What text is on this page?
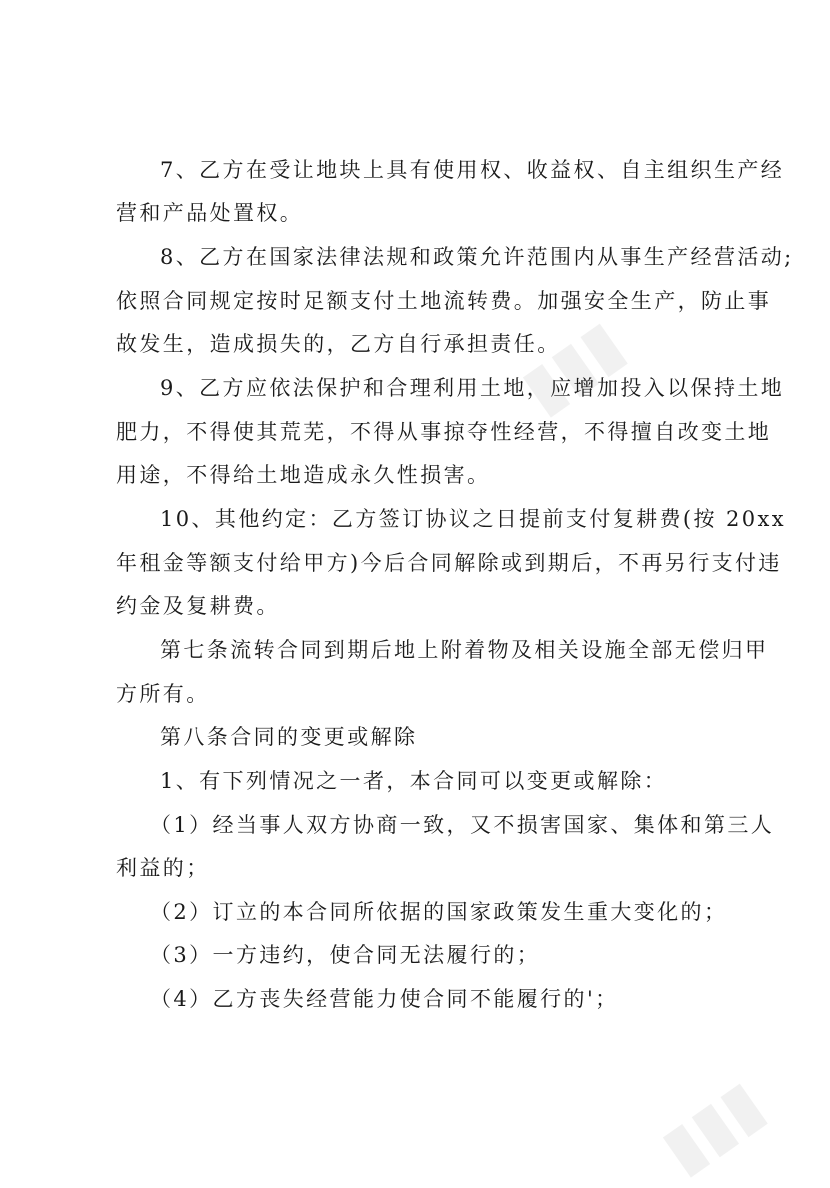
▮▮▮
▮▮▮
7、乙方在受让地块上具有使用权、收益权、自主组织生产经
营和产品处置权。
8、乙方在国家法律法规和政策允许范围内从事生产经营活动;
依照合同规定按时足额支付土地流转费。加强安全生产，防止事
故发生，造成损失的，乙方自行承担责任。
9、乙方应依法保护和合理利用土地，应增加投入以保持土地
肥力，不得使其荒芜，不得从事掠夺性经营，不得擅自改变土地
用途，不得给土地造成永久性损害。
10、其他约定：乙方签订协议之日提前支付复耕费(按 20xx
年租金等额支付给甲方)今后合同解除或到期后，不再另行支付违
约金及复耕费。
第七条流转合同到期后地上附着物及相关设施全部无偿归甲
方所有。
第八条合同的变更或解除
1、有下列情况之一者，本合同可以变更或解除：
（1）经当事人双方协商一致，又不损害国家、集体和第三人
利益的；
（2）订立的本合同所依据的国家政策发生重大变化的；
（3）一方违约，使合同无法履行的；
（4）乙方丧失经营能力使合同不能履行的'；
